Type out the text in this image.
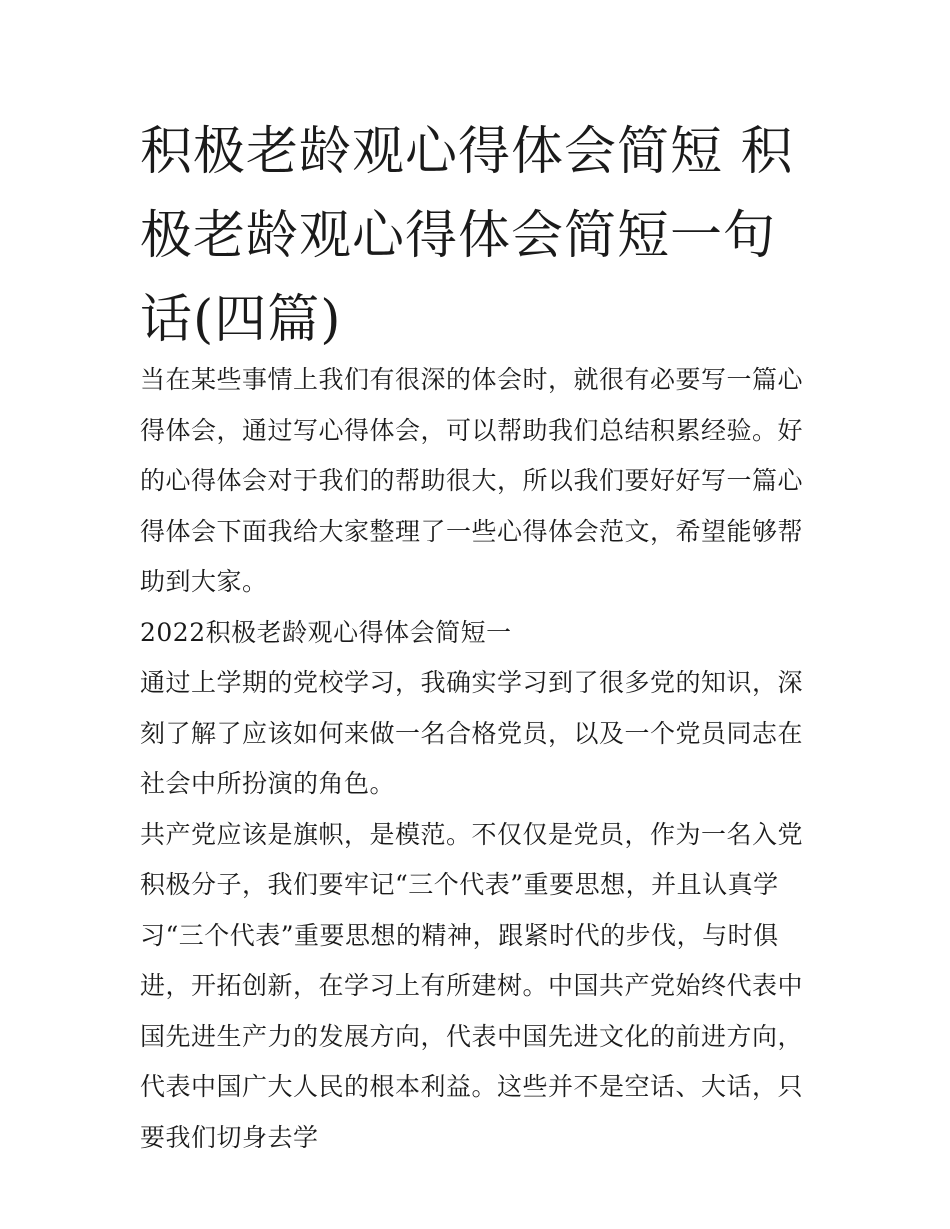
积极老龄观心得体会简短 积极老龄观心得体会简短一句话(四篇)

当在某些事情上我们有很深的体会时，就很有必要写一篇心得体会，通过写心得体会，可以帮助我们总结积累经验。好的心得体会对于我们的帮助很大，所以我们要好好写一篇心得体会下面我给大家整理了一些心得体会范文，希望能够帮助到大家。

2022积极老龄观心得体会简短一

通过上学期的党校学习，我确实学习到了很多党的知识，深刻了解了应该如何来做一名合格党员，以及一个党员同志在社会中所扮演的角色。

共产党应该是旗帜，是模范。不仅仅是党员，作为一名入党积极分子，我们要牢记“三个代表”重要思想，并且认真学习“三个代表”重要思想的精神，跟紧时代的步伐，与时俱进，开拓创新，在学习上有所建树。中国共产党始终代表中国先进生产力的发展方向，代表中国先进文化的前进方向，代表中国广大人民的根本利益。这些并不是空话、大话，只要我们切身去学
